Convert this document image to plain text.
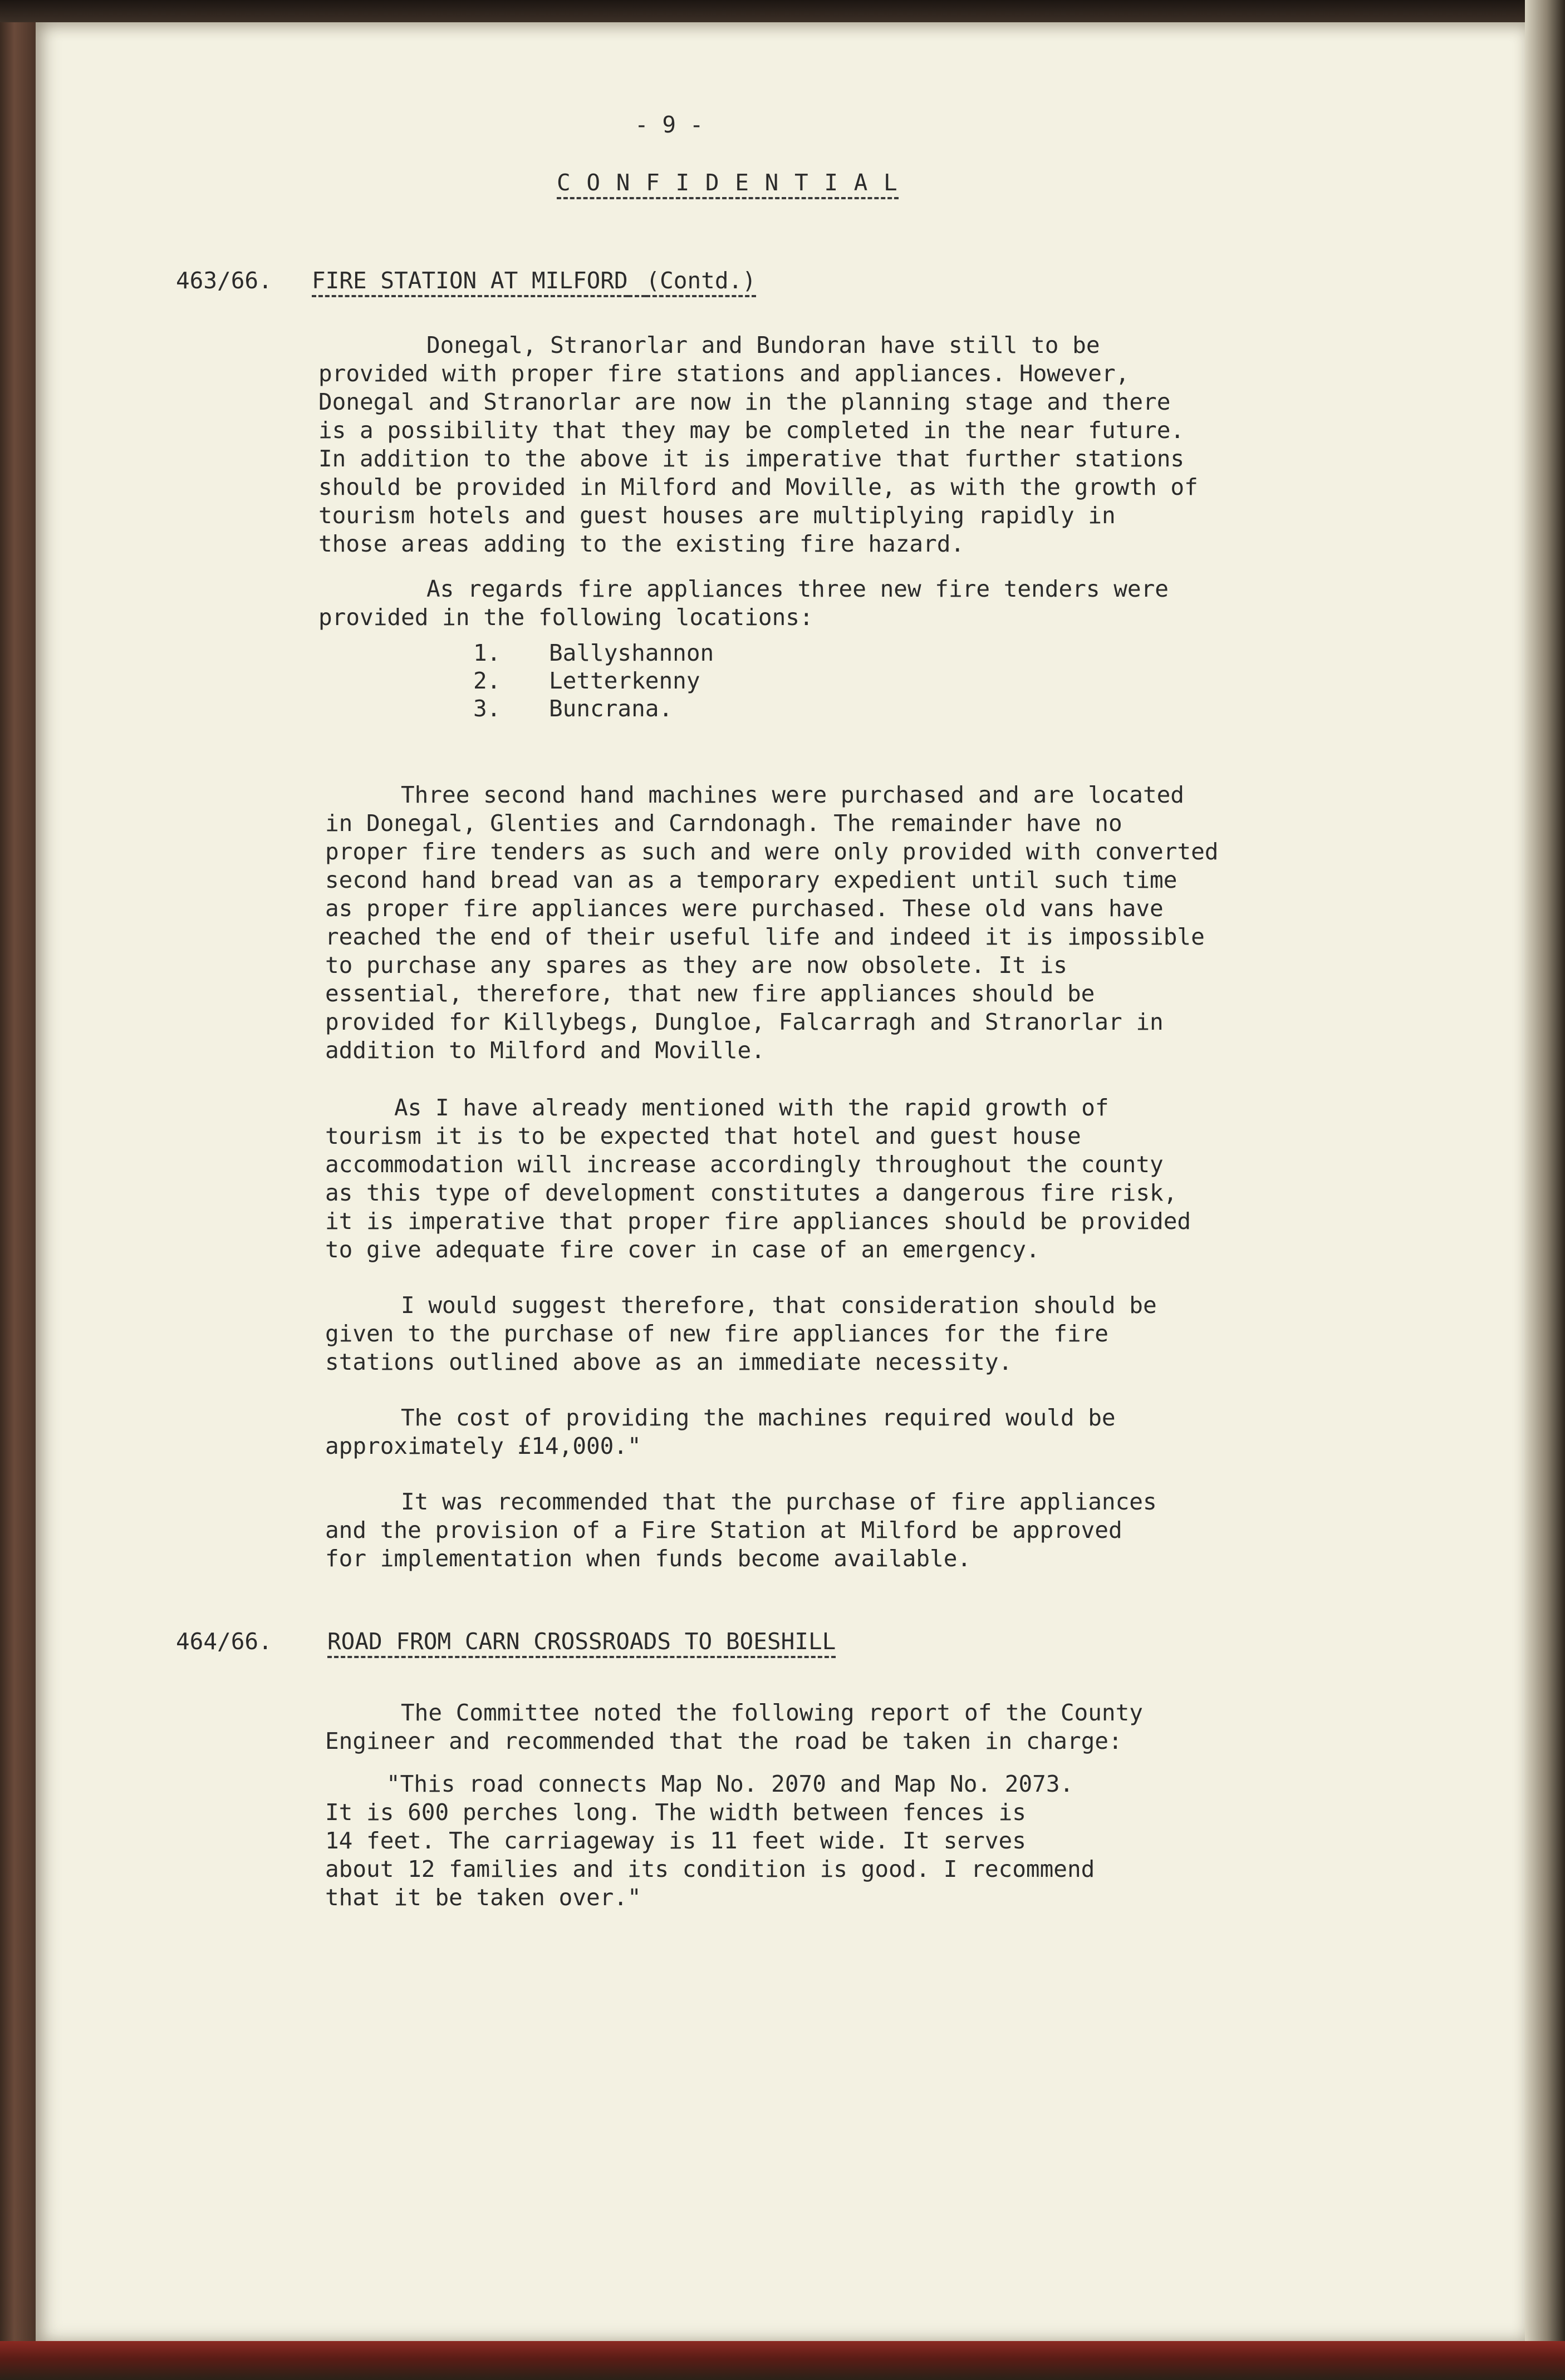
- 9 -
C O N F I D E N T I A L
463/66. FIRE STATION AT MILFORD (Contd.)
Donegal, Stranorlar and Bundoran have still to be
provided with proper fire stations and appliances. However,
Donegal and Stranorlar are now in the planning stage and there
is a possibility that they may be completed in the near future.
In addition to the above it is imperative that further stations
should be provided in Milford and Moville, as with the growth of
tourism hotels and guest houses are multiplying rapidly in
those areas adding to the existing fire hazard.
As regards fire appliances three new fire tenders were
provided in the following locations:
1. Ballyshannon
2. Letterkenny
3. Buncrana.
Three second hand machines were purchased and are located
in Donegal, Glenties and Carndonagh. The remainder have no
proper fire tenders as such and were only provided with converted
second hand bread van as a temporary expedient until such time
as proper fire appliances were purchased. These old vans have
reached the end of their useful life and indeed it is impossible
to purchase any spares as they are now obsolete. It is
essential, therefore, that new fire appliances should be
provided for Killybegs, Dungloe, Falcarragh and Stranorlar in
addition to Milford and Moville.
As I have already mentioned with the rapid growth of
tourism it is to be expected that hotel and guest house
accommodation will increase accordingly throughout the county
as this type of development constitutes a dangerous fire risk,
it is imperative that proper fire appliances should be provided
to give adequate fire cover in case of an emergency.
I would suggest therefore, that consideration should be
given to the purchase of new fire appliances for the fire
stations outlined above as an immediate necessity.
The cost of providing the machines required would be
approximately £14,000."
It was recommended that the purchase of fire appliances
and the provision of a Fire Station at Milford be approved
for implementation when funds become available.
464/66. ROAD FROM CARN CROSSROADS TO BOESHILL
The Committee noted the following report of the County
Engineer and recommended that the road be taken in charge:
"This road connects Map No. 2070 and Map No. 2073.
It is 600 perches long. The width between fences is
14 feet. The carriageway is 11 feet wide. It serves
about 12 families and its condition is good. I recommend
that it be taken over."
